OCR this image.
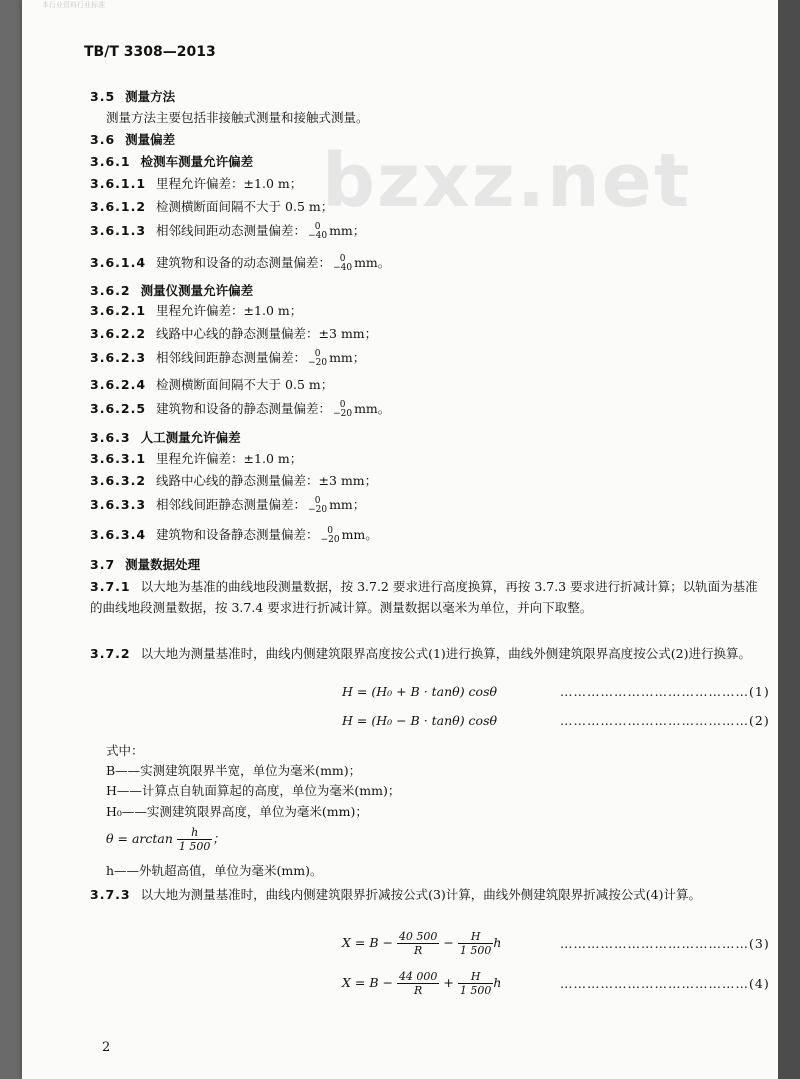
本行业资料行业标准
bzxz.net
TB/T 3308—2013
3.5 测量方法
测量方法主要包括非接触式测量和接触式测量。
3.6 测量偏差
3.6.1 检测车测量允许偏差
3.6.1.1 里程允许偏差：±1.0 m；
3.6.1.2 检测横断面间隔不大于 0.5 m；
3.6.1.3 相邻线间距动态测量偏差： 0
−40 mm；
3.6.1.4 建筑物和设备的动态测量偏差： 0
−40 mm。
3.6.2 测量仪测量允许偏差
3.6.2.1 里程允许偏差：±1.0 m；
3.6.2.2 线路中心线的静态测量偏差：±3 mm；
3.6.2.3 相邻线间距静态测量偏差： 0
−20 mm；
3.6.2.4 检测横断面间隔不大于 0.5 m；
3.6.2.5 建筑物和设备的静态测量偏差： 0
−20 mm。
3.6.3 人工测量允许偏差
3.6.3.1 里程允许偏差：±1.0 m；
3.6.3.2 线路中心线的静态测量偏差：±3 mm；
3.6.3.3 相邻线间距静态测量偏差： 0
−20 mm；
3.6.3.4 建筑物和设备静态测量偏差： 0
−20 mm。
3.7 测量数据处理
3.7.1 以大地为基准的曲线地段测量数据，按 3.7.2 要求进行高度换算，再按 3.7.3 要求进行折减计算；以轨面为基准的曲线地段测量数据，按 3.7.4 要求进行折减计算。测量数据以毫米为单位，并向下取整。
3.7.2 以大地为测量基准时，曲线内侧建筑限界高度按公式(1)进行换算，曲线外侧建筑限界高度按公式(2)进行换算。
H = (H₀ + B · tanθ) cosθ	……………………………………(1)
H = (H₀ − B · tanθ) cosθ	……………………………………(2)
式中：
B——实测建筑限界半宽，单位为毫米(mm)；
H——计算点自轨面算起的高度，单位为毫米(mm)；
H₀——实测建筑限界高度，单位为毫米(mm)；
$\theta = \arctan \frac{h}{1 500}$ ；
h——外轨超高值，单位为毫米(mm)。
3.7.3 以大地为测量基准时，曲线内侧建筑限界折减按公式(3)计算，曲线外侧建筑限界折减按公式(4)计算。
$X = B - \frac{40 500}{R} - \frac{H}{1 500}$ h	……………………………………(3)
$X = B - \frac{44 000}{R} + \frac{H}{1 500}$ h	……………………………………(4)
2
